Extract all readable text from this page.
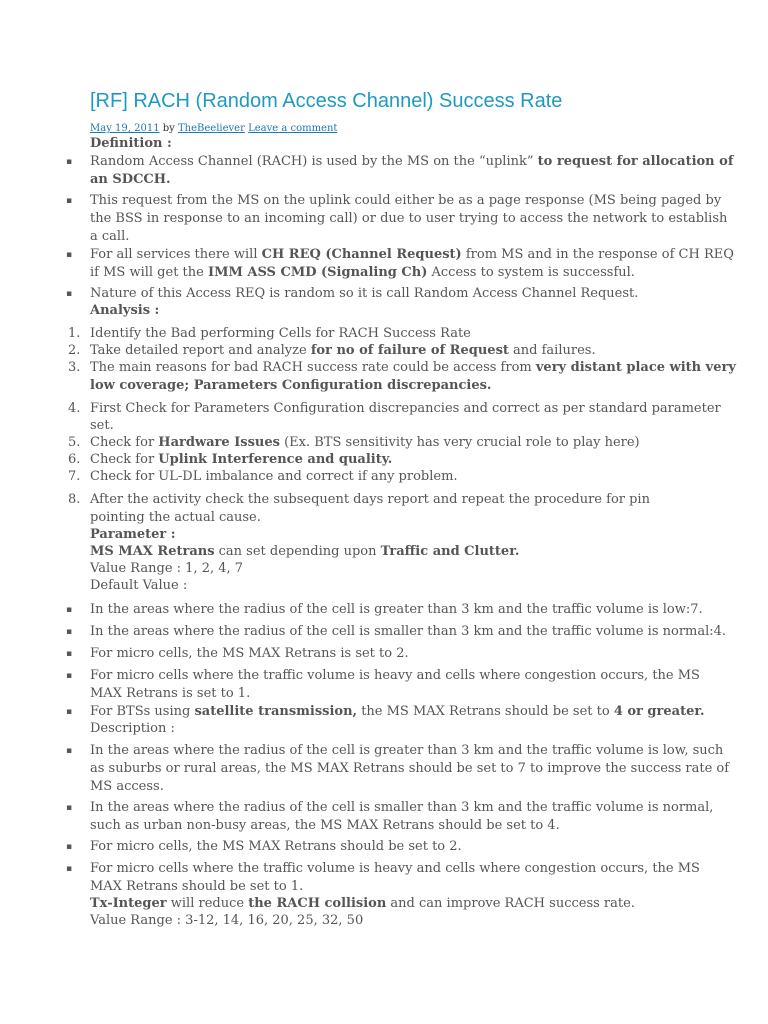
[RF] RACH (Random Access Channel) Success Rate
May 19, 2011 by TheBeeliever Leave a comment
Definition :
▪ Random Access Channel (RACH) is used by the MS on the “uplink” to request for allocation of
an SDCCH.
▪ This request from the MS on the uplink could either be as a page response (MS being paged by
the BSS in response to an incoming call) or due to user trying to access the network to establish
a call.
▪ For all services there will CH REQ (Channel Request) from MS and in the response of CH REQ
if MS will get the IMM ASS CMD (Signaling Ch) Access to system is successful.
▪ Nature of this Access REQ is random so it is call Random Access Channel Request.
Analysis :
1. Identify the Bad performing Cells for RACH Success Rate
2. Take detailed report and analyze for no of failure of Request and failures.
3. The main reasons for bad RACH success rate could be access from very distant place with very
low coverage; Parameters Configuration discrepancies.
4. First Check for Parameters Configuration discrepancies and correct as per standard parameter
set.
5. Check for Hardware Issues (Ex. BTS sensitivity has very crucial role to play here)
6. Check for Uplink Interference and quality.
7. Check for UL-DL imbalance and correct if any problem.
8. After the activity check the subsequent days report and repeat the procedure for pin
pointing the actual cause.
Parameter :
MS MAX Retrans can set depending upon Traffic and Clutter.
Value Range : 1, 2, 4, 7
Default Value :
▪ In the areas where the radius of the cell is greater than 3 km and the traffic volume is low:7.
▪ In the areas where the radius of the cell is smaller than 3 km and the traffic volume is normal:4.
▪ For micro cells, the MS MAX Retrans is set to 2.
▪ For micro cells where the traffic volume is heavy and cells where congestion occurs, the MS
MAX Retrans is set to 1.
▪ For BTSs using satellite transmission, the MS MAX Retrans should be set to 4 or greater.
Description :
▪ In the areas where the radius of the cell is greater than 3 km and the traffic volume is low, such
as suburbs or rural areas, the MS MAX Retrans should be set to 7 to improve the success rate of
MS access.
▪ In the areas where the radius of the cell is smaller than 3 km and the traffic volume is normal,
such as urban non-busy areas, the MS MAX Retrans should be set to 4.
▪ For micro cells, the MS MAX Retrans should be set to 2.
▪ For micro cells where the traffic volume is heavy and cells where congestion occurs, the MS
MAX Retrans should be set to 1.
Tx-Integer will reduce the RACH collision and can improve RACH success rate.
Value Range : 3-12, 14, 16, 20, 25, 32, 50
